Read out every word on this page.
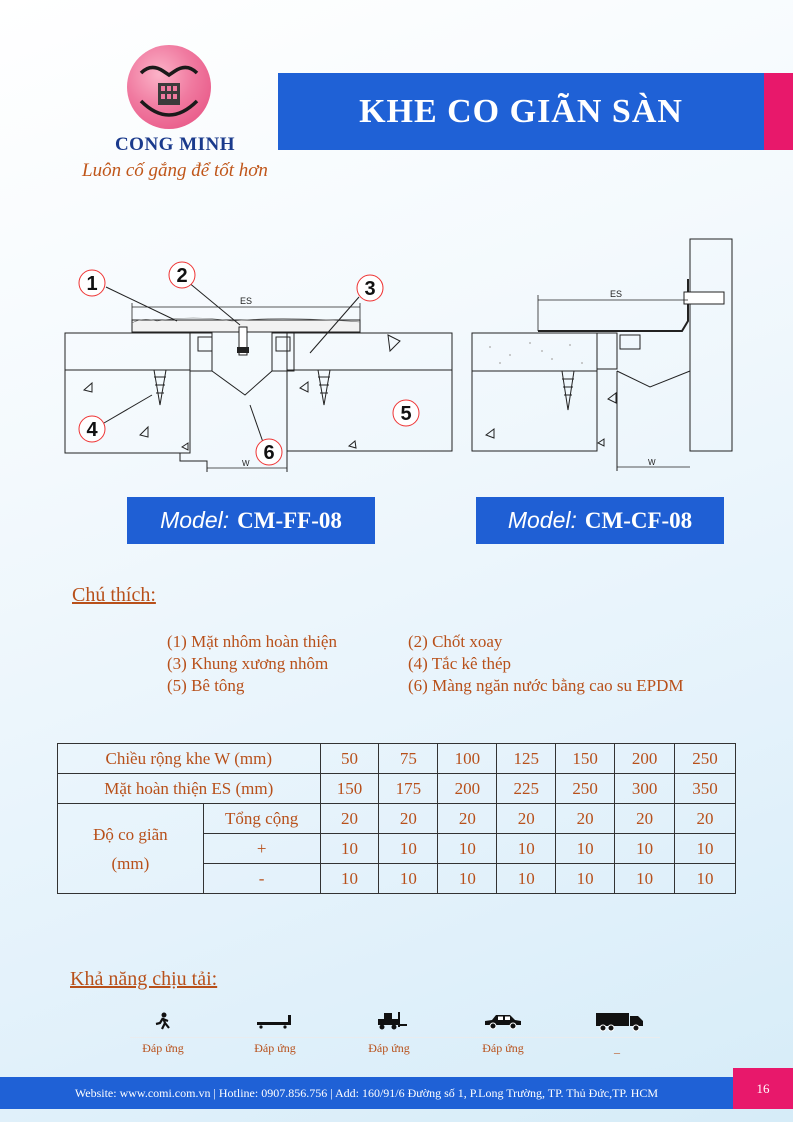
CONG MINH
Luôn cố gắng để tốt hơn
KHE CO GIÃN SÀN
ES
W
1	2
3
4
5
6
ES
W
Model: CM-FF-08	Model: CM-CF-08
Chú thích:
(1) Mặt nhôm hoàn thiện
(3) Khung xương nhôm
(5) Bê tông
(2) Chốt xoay
(4) Tắc kê thép
(6) Màng ngăn nước bằng cao su EPDM
Chiều rộng khe W (mm)		50	75	100	125	150	200	250
Mặt hoàn thiện ES (mm)		150	175	200	225	250	300	350

Độ co giãn
(mm)	Tổng cộng	20	20	20	20	20	20	20
	+	10	10	10	10	10	10	10
	-	10	10	10	10	10	10	10
Khả năng chịu tải:
Đáp ứng	Đáp ứng	Đáp ứng	Đáp ứng	_
Website: www.comi.com.vn | Hotline: 0907.856.756 | Add: 160/91/6 Đường số 1, P.Long Trường, TP. Thủ Đức,TP. HCM	16
